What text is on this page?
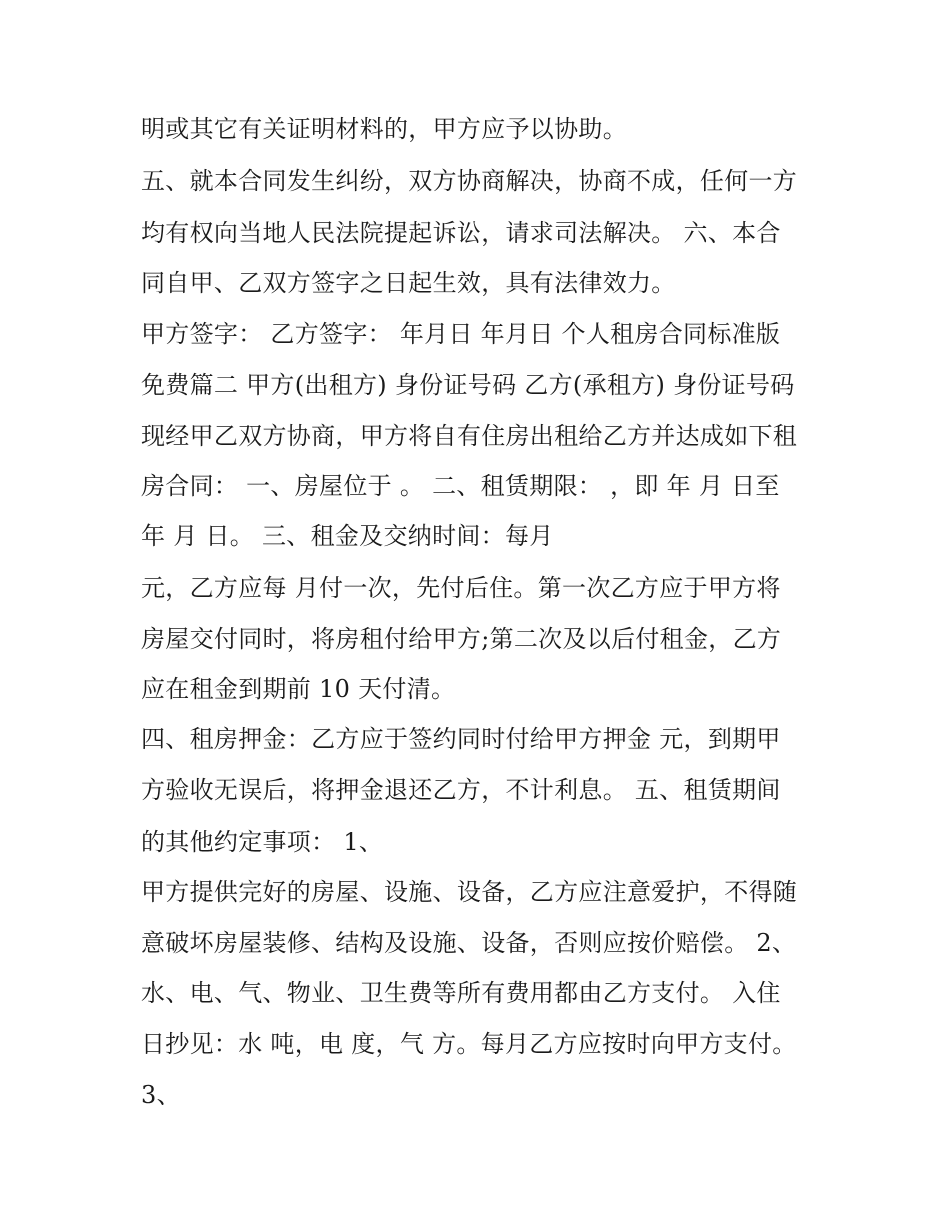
明或其它有关证明材料的，甲方应予以协助。
五、就本合同发生纠纷，双方协商解决，协商不成，任何一方
均有权向当地人民法院提起诉讼，请求司法解决。 六、本合
同自甲、乙双方签字之日起生效，具有法律效力。
甲方签字： 乙方签字： 年月日 年月日 个人租房合同标准版
免费篇二 甲方(出租方) 身份证号码 乙方(承租方) 身份证号码
现经甲乙双方协商，甲方将自有住房出租给乙方并达成如下租
房合同： 一、房屋位于 。 二、租赁期限： ，即 年 月 日至
年 月 日。 三、租金及交纳时间：每月
元，乙方应每 月付一次，先付后住。第一次乙方应于甲方将
房屋交付同时，将房租付给甲方;第二次及以后付租金，乙方
应在租金到期前 10 天付清。
四、租房押金：乙方应于签约同时付给甲方押金 元，到期甲
方验收无误后，将押金退还乙方，不计利息。 五、租赁期间
的其他约定事项： 1、
甲方提供完好的房屋、设施、设备，乙方应注意爱护，不得随
意破坏房屋装修、结构及设施、设备，否则应按价赔偿。 2、
水、电、气、物业、卫生费等所有费用都由乙方支付。 入住
日抄见：水 吨，电 度，气 方。每月乙方应按时向甲方支付。
3、
